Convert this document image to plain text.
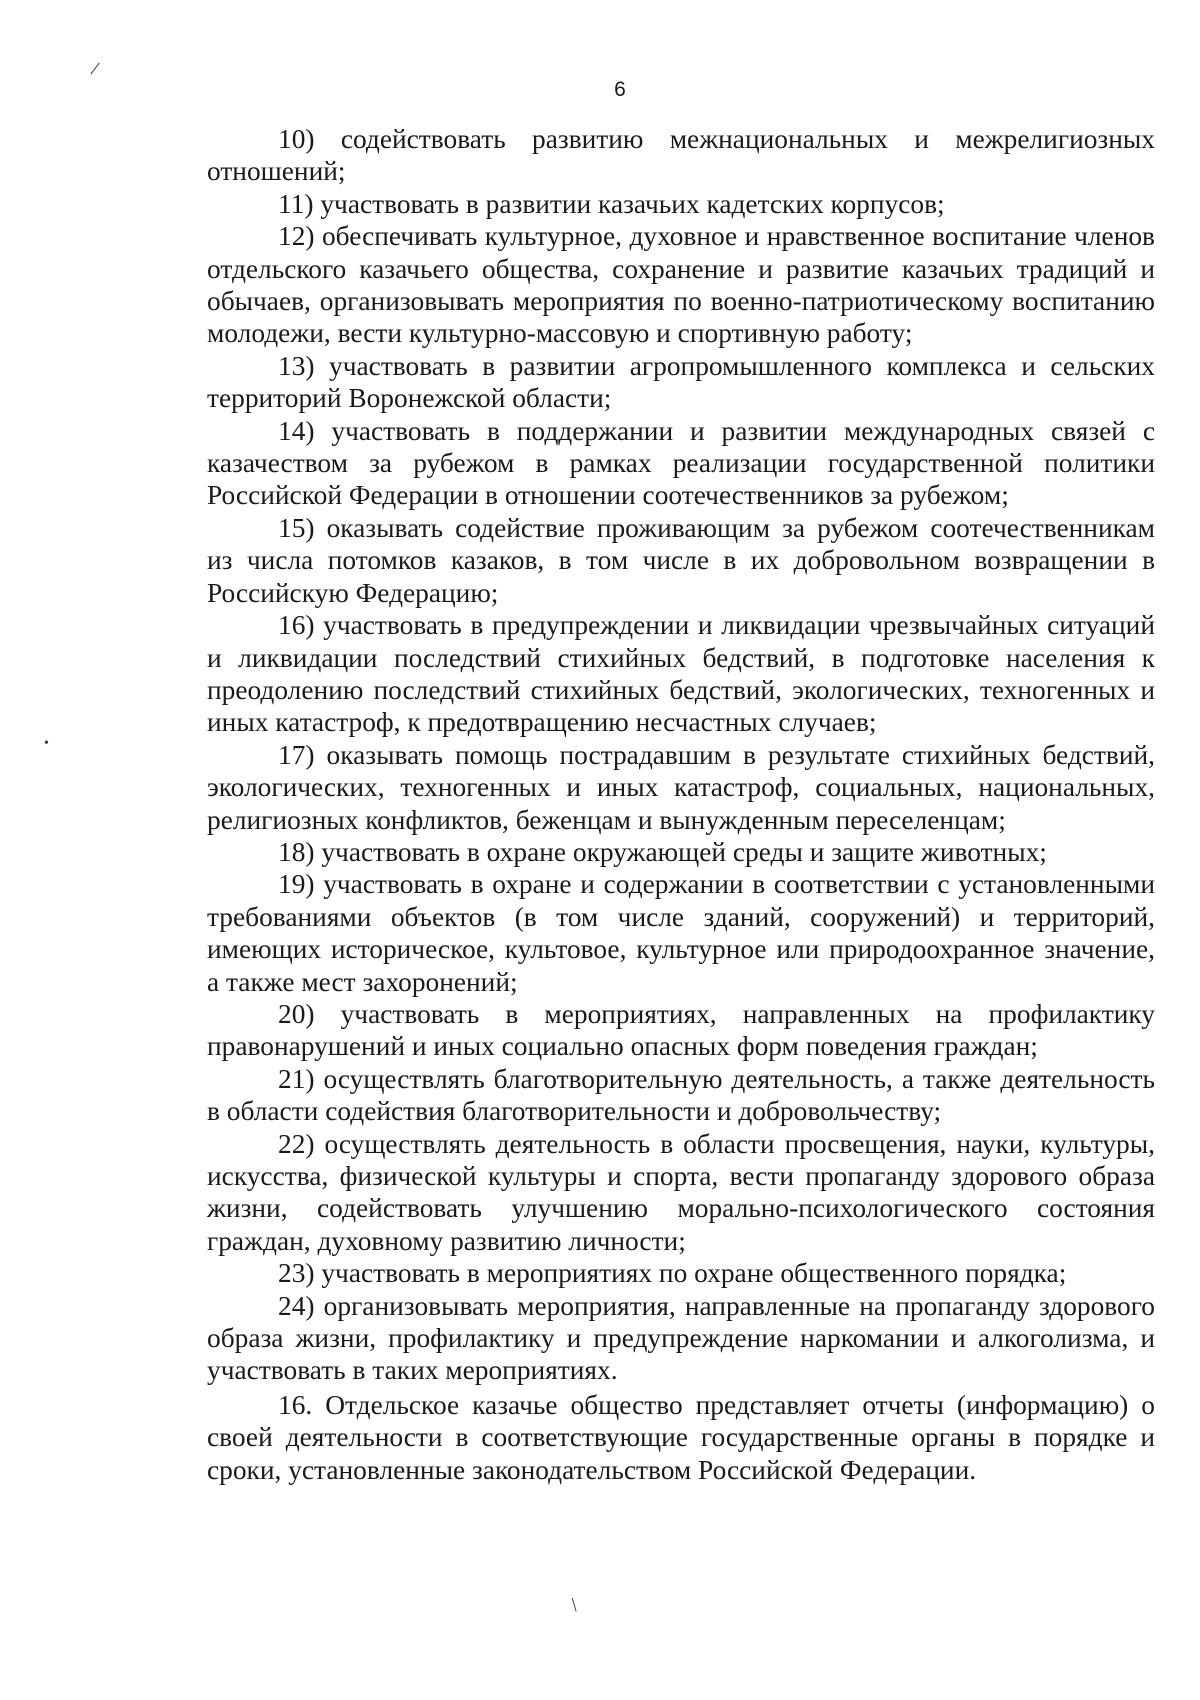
/
•
/
6

10) содействовать развитию межнациональных и межрелигиозных отношений;

11) участвовать в развитии казачьих кадетских корпусов;

12) обеспечивать культурное, духовное и нравственное воспитание членов отдельского казачьего общества, сохранение и развитие казачьих традиций и обычаев, организовывать мероприятия по военно-патриотическому воспитанию молодежи, вести культурно-массовую и спортивную работу;

13) участвовать в развитии агропромышленного комплекса и сельских территорий Воронежской области;

14) участвовать в поддержании и развитии международных связей с казачеством за рубежом в рамках реализации государственной политики Российской Федерации в отношении соотечественников за рубежом;

15) оказывать содействие проживающим за рубежом соотечественникам из числа потомков казаков, в том числе в их добровольном возвращении в Российскую Федерацию;

16) участвовать в предупреждении и ликвидации чрезвычайных ситуаций и ликвидации последствий стихийных бедствий, в подготовке населения к преодолению последствий стихийных бедствий, экологических, техногенных и иных катастроф, к предотвращению несчастных случаев;

17) оказывать помощь пострадавшим в результате стихийных бедствий, экологических, техногенных и иных катастроф, социальных, национальных, религиозных конфликтов, беженцам и вынужденным переселенцам;

18) участвовать в охране окружающей среды и защите животных;

19) участвовать в охране и содержании в соответствии с установленными требованиями объектов (в том числе зданий, сооружений) и территорий, имеющих историческое, культовое, культурное или природоохранное значение, а также мест захоронений;

20) участвовать в мероприятиях, направленных на профилактику правонарушений и иных социально опасных форм поведения граждан;

21) осуществлять благотворительную деятельность, а также деятельность в области содействия благотворительности и добровольчеству;

22) осуществлять деятельность в области просвещения, науки, культуры, искусства, физической культуры и спорта, вести пропаганду здорового образа жизни, содействовать улучшению морально-психологического состояния граждан, духовному развитию личности;

23) участвовать в мероприятиях по охране общественного порядка;

24) организовывать мероприятия, направленные на пропаганду здорового образа жизни, профилактику и предупреждение наркомании и алкоголизма, и участвовать в таких мероприятиях.

16. Отдельское казачье общество представляет отчеты (информацию) о своей деятельности в соответствующие государственные органы в порядке и сроки, установленные законодательством Российской Федерации.
